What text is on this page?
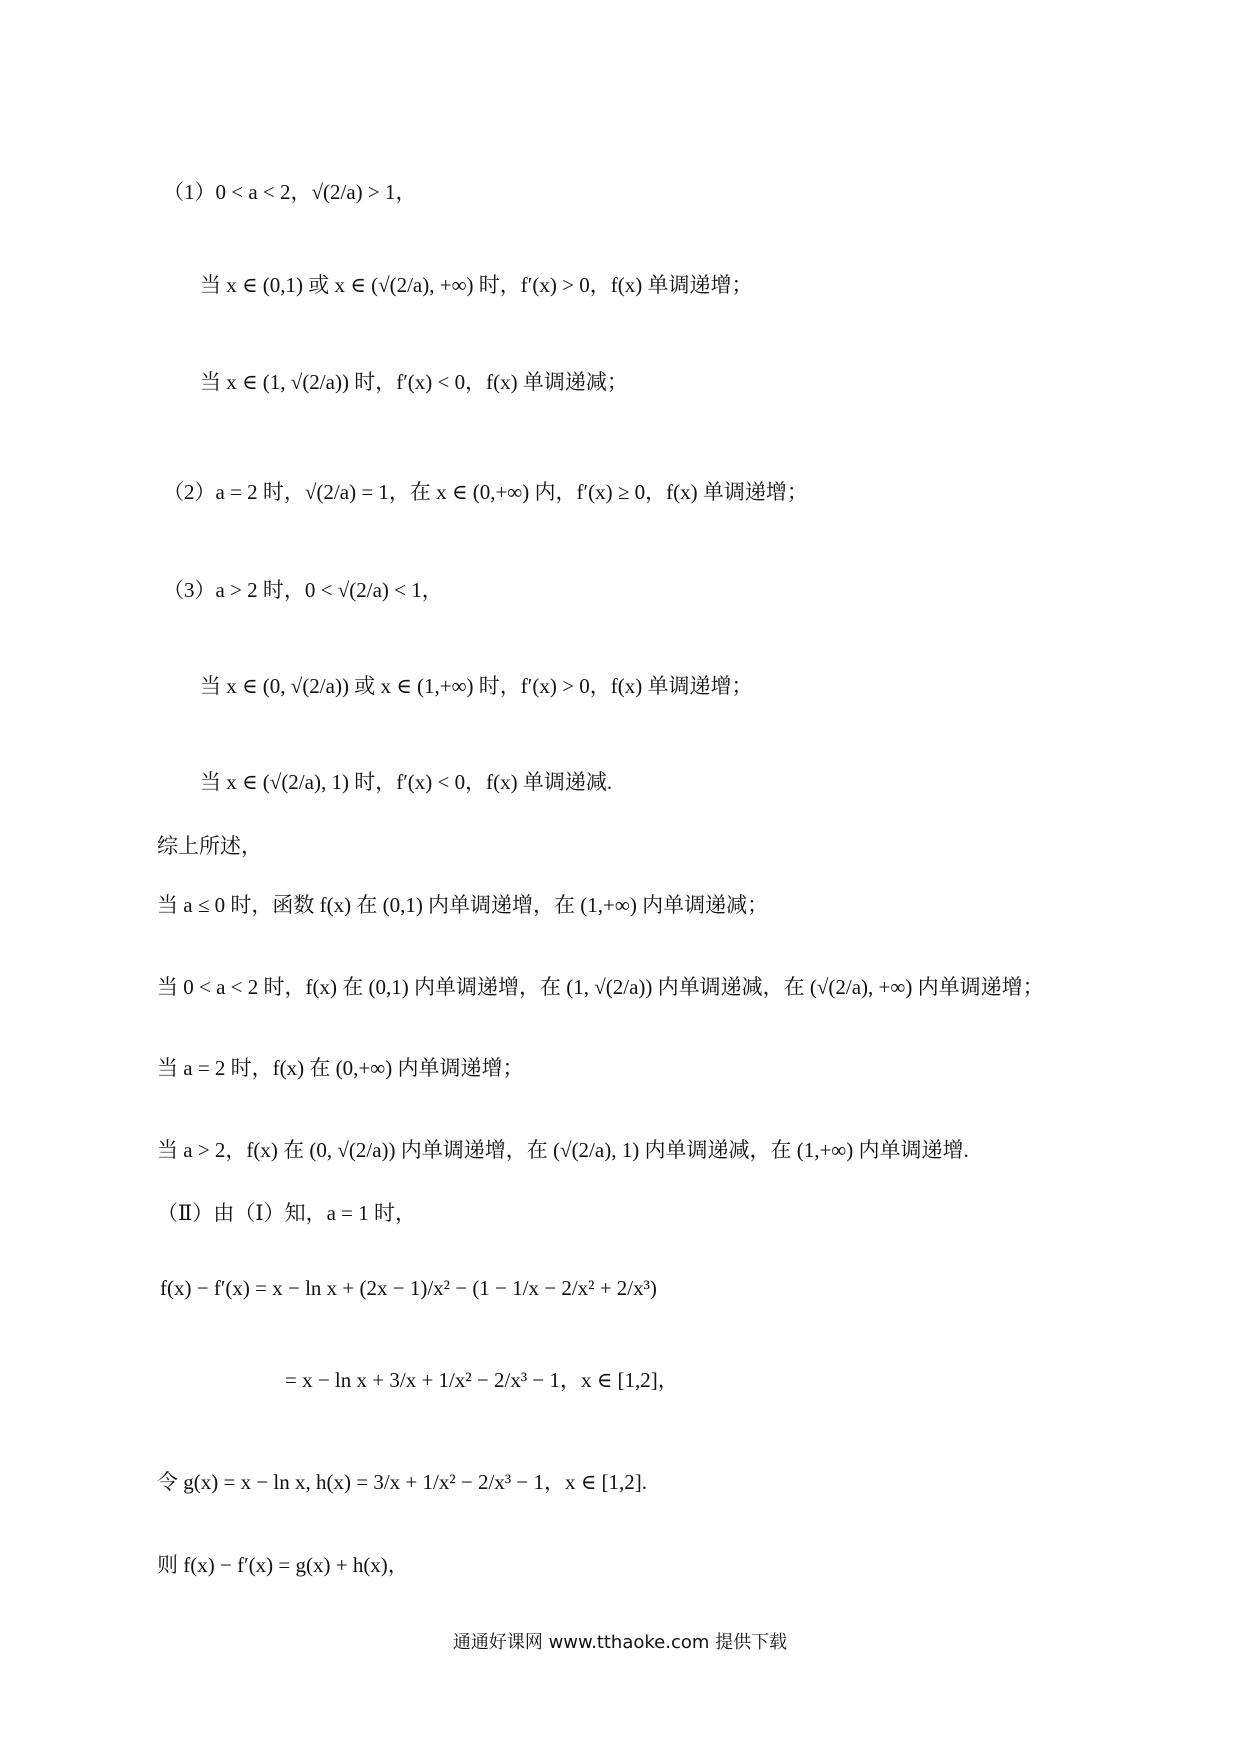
（1）0 < a < 2，√(2/a) > 1，
当 x ∈ (0,1) 或 x ∈ (√(2/a), +∞) 时，f′(x) > 0，f(x) 单调递增；
当 x ∈ (1, √(2/a)) 时，f′(x) < 0，f(x) 单调递减；
（2）a = 2 时，√(2/a) = 1，在 x ∈ (0,+∞) 内，f′(x) ≥ 0，f(x) 单调递增；
（3）a > 2 时，0 < √(2/a) < 1，
当 x ∈ (0, √(2/a)) 或 x ∈ (1,+∞) 时，f′(x) > 0，f(x) 单调递增；
当 x ∈ (√(2/a), 1) 时，f′(x) < 0，f(x) 单调递减.
综上所述，
当 a ≤ 0 时，函数 f(x) 在 (0,1) 内单调递增，在 (1,+∞) 内单调递减；
当 0 < a < 2 时，f(x) 在 (0,1) 内单调递增，在 (1, √(2/a)) 内单调递减，在 (√(2/a), +∞) 内单调递增；
当 a = 2 时，f(x) 在 (0,+∞) 内单调递增；
当 a > 2，f(x) 在 (0, √(2/a)) 内单调递增，在 (√(2/a), 1) 内单调递减，在 (1,+∞) 内单调递增.
（Ⅱ）由（Ⅰ）知，a = 1 时，
f(x) − f′(x) = x − ln x + (2x − 1)/x² − (1 − 1/x − 2/x² + 2/x³)
= x − ln x + 3/x + 1/x² − 2/x³ − 1，x ∈ [1,2]，
令 g(x) = x − ln x, h(x) = 3/x + 1/x² − 2/x³ − 1，x ∈ [1,2].
则 f(x) − f′(x) = g(x) + h(x)，
通通好课网 www.tthaoke.com 提供下载
